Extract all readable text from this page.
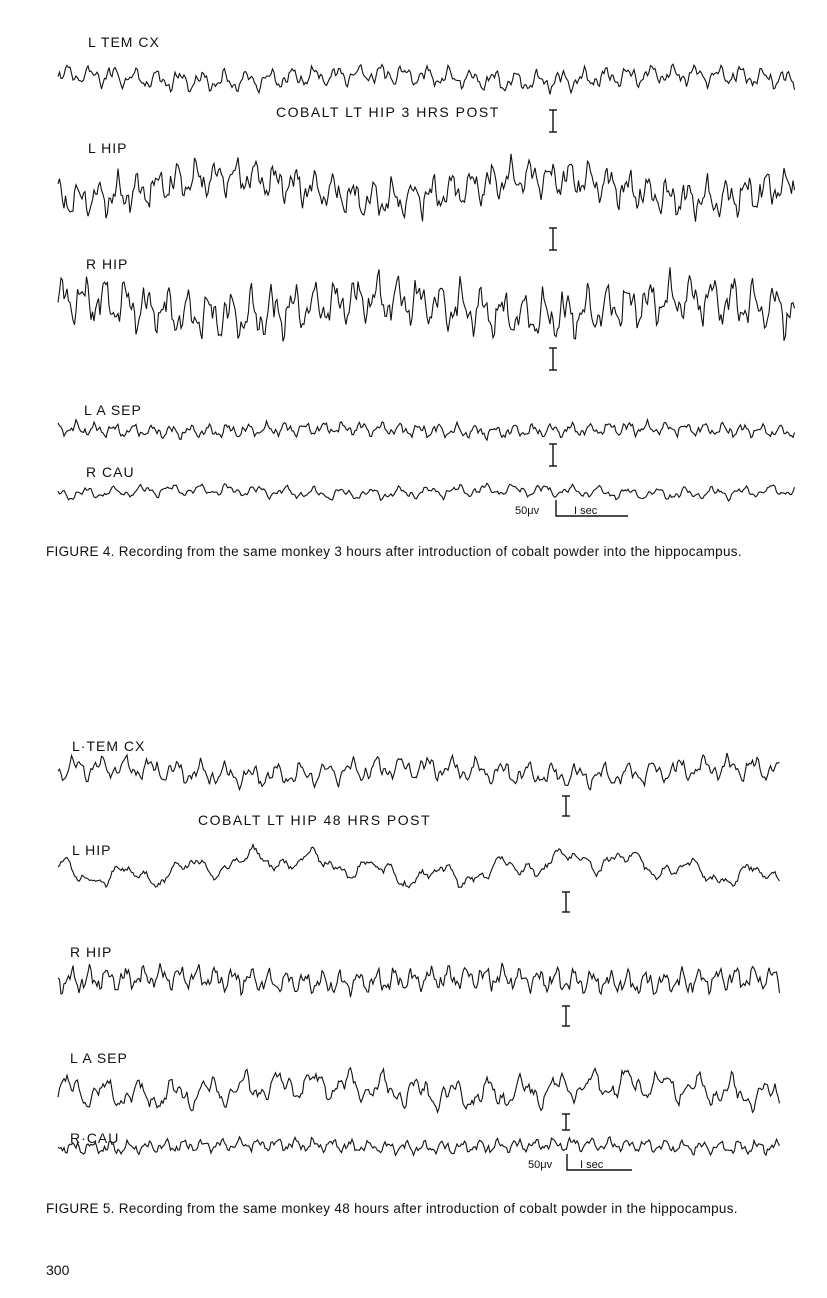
L TEM CX
COBALT LT HIP 3 HRS POST
L HIP
R HIP
L A SEP
R CAU
50μv	I sec
FIGURE 4. Recording from the same monkey 3 hours after introduction of cobalt powder into the hippocampus.
L·TEM CX
COBALT LT HIP 48 HRS POST
L HIP
R HIP
L A SEP
R·CAU
50μv	I sec
FIGURE 5. Recording from the same monkey 48 hours after introduction of cobalt powder in the hippocampus.
300
